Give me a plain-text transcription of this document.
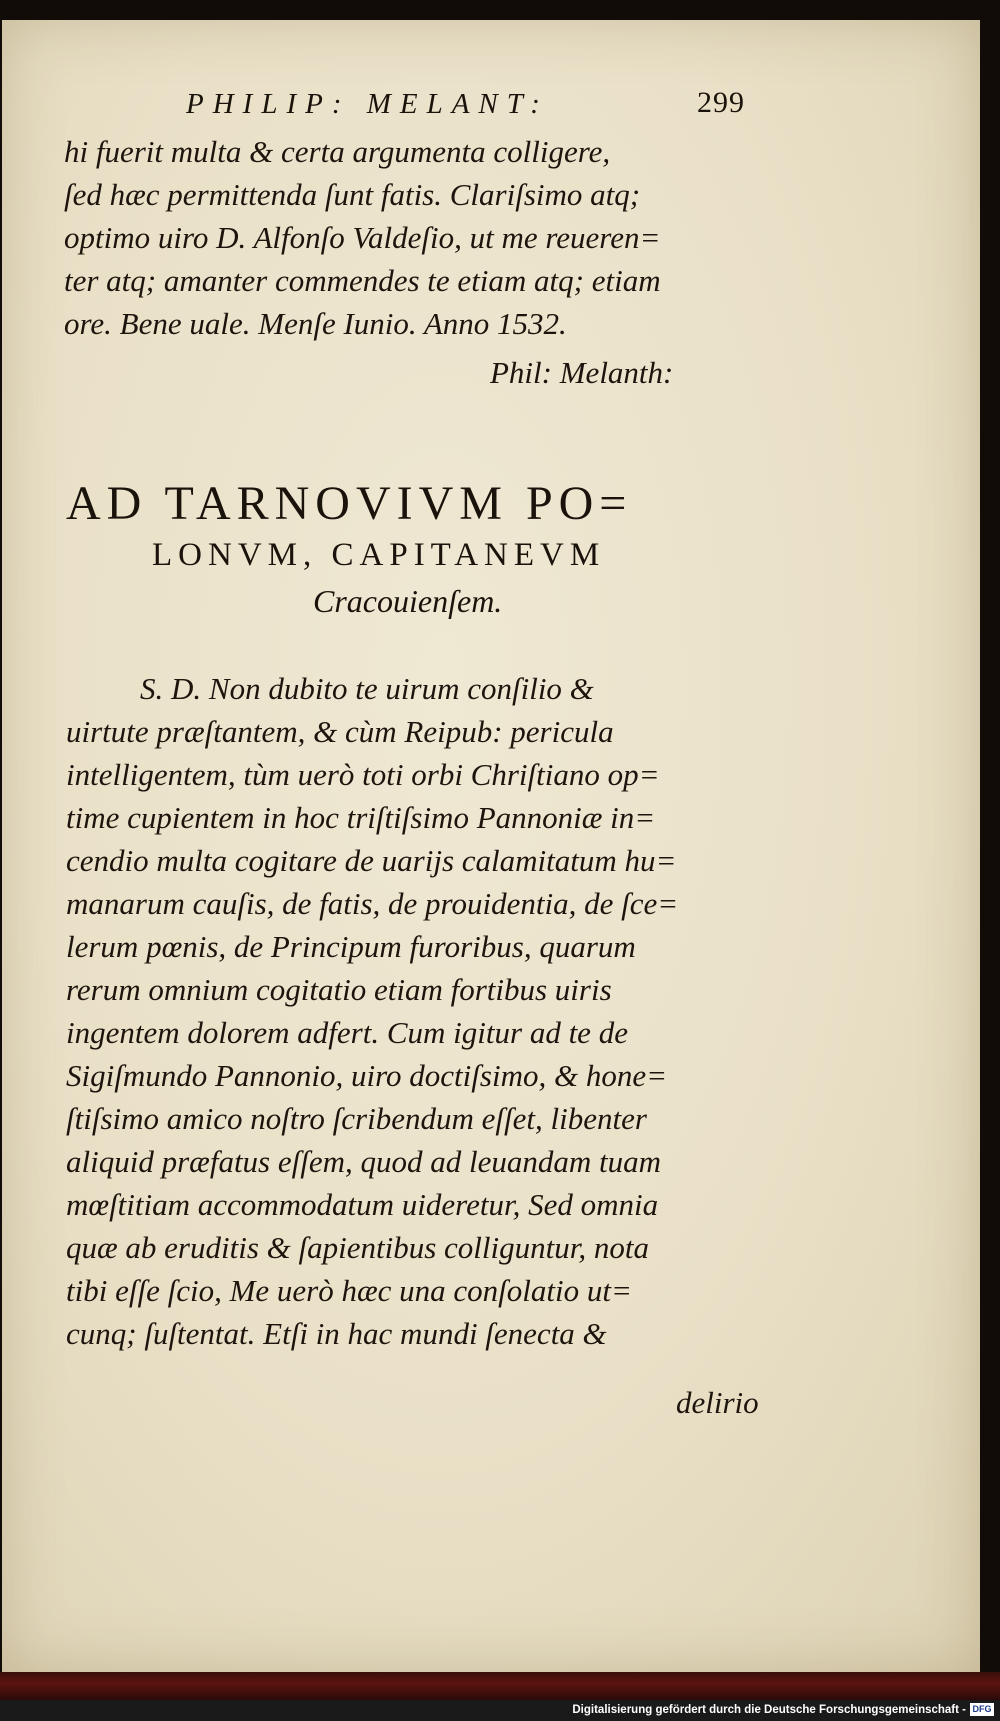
PHILIP: MELANT:	299
hi fuerit multa & certa argumenta colligere,
ſed hæc permittenda ſunt fatis. Clariſsimo atq;
optimo uiro D. Alfonſo Valdeſio, ut me reueren=
ter atq; amanter commendes te etiam atq; etiam
ore. Bene uale. Menſe Iunio. Anno 1532.
Phil: Melanth:
AD TARNOVIVM PO=
LONVM, CAPITANEVM
Cracouienſem.
S. D. Non dubito te uirum conſilio &
uirtute præſtantem, & cùm Reipub: pericula
intelligentem, tùm uerò toti orbi Chriſtiano op=
time cupientem in hoc triſtiſsimo Pannoniæ in=
cendio multa cogitare de uarijs calamitatum hu=
manarum cauſis, de fatis, de prouidentia, de ſce=
lerum pœnis, de Principum furoribus, quarum
rerum omnium cogitatio etiam fortibus uiris
ingentem dolorem adfert. Cum igitur ad te de
Sigiſmundo Pannonio, uiro doctiſsimo, & hone=
ſtiſsimo amico noſtro ſcribendum eſſet, libenter
aliquid præfatus eſſem, quod ad leuandam tuam
mœſtitiam accommodatum uideretur, Sed omnia
quæ ab eruditis & ſapientibus colliguntur, nota
tibi eſſe ſcio, Me uerò hæc una conſolatio ut=
cunq; ſuſtentat. Etſi in hac mundi ſenecta &
delirio
Digitalisierung gefördert durch die Deutsche Forschungsgemeinschaft - DFG
